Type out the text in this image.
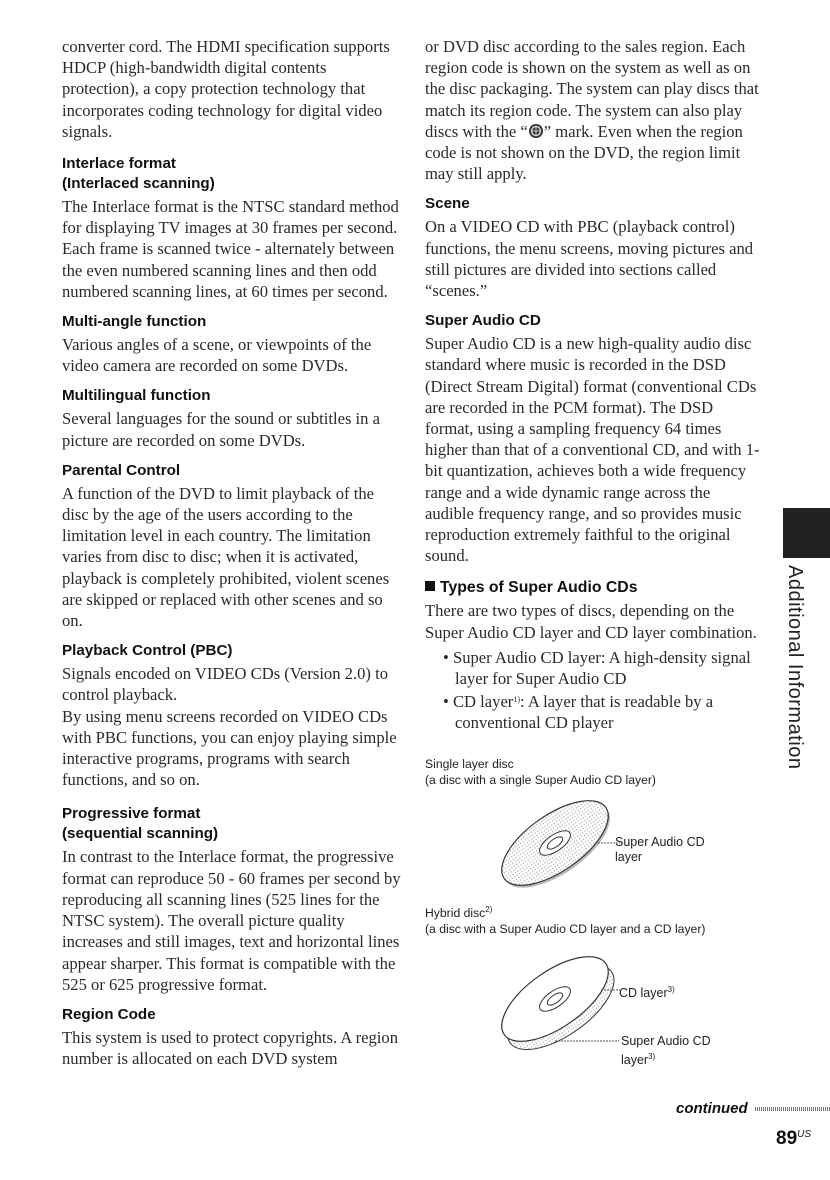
converter cord. The HDMI specification supports HDCP (high-bandwidth digital contents protection), a copy protection technology that incorporates coding technology for digital video signals.

Interlace format
(Interlaced scanning)

The Interlace format is the NTSC standard method for displaying TV images at 30 frames per second. Each frame is scanned twice - alternately between the even numbered scanning lines and then odd numbered scanning lines, at 60 times per second.

Multi-angle function

Various angles of a scene, or viewpoints of the video camera are recorded on some DVDs.

Multilingual function

Several languages for the sound or subtitles in a picture are recorded on some DVDs.

Parental Control

A function of the DVD to limit playback of the disc by the age of the users according to the limitation level in each country. The limitation varies from disc to disc; when it is activated, playback is completely prohibited, violent scenes are skipped or replaced with other scenes and so on.

Playback Control (PBC)

Signals encoded on VIDEO CDs (Version 2.0) to control playback.

By using menu screens recorded on VIDEO CDs with PBC functions, you can enjoy playing simple interactive programs, programs with search functions, and so on.

Progressive format
(sequential scanning)

In contrast to the Interlace format, the progressive format can reproduce 50 - 60 frames per second by reproducing all scanning lines (525 lines for the NTSC system). The overall picture quality increases and still images, text and horizontal lines appear sharper. This format is compatible with the 525 or 625 progressive format.

Region Code

This system is used to protect copyrights. A region number is allocated on each DVD system

or DVD disc according to the sales region. Each region code is shown on the system as well as on the disc packaging. The system can play discs that match its region code. The system can also play discs with the “ ” mark. Even when the region code is not shown on the DVD, the region limit may still apply.

Scene

On a VIDEO CD with PBC (playback control) functions, the menu screens, moving pictures and still pictures are divided into sections called “scenes.”

Super Audio CD

Super Audio CD is a new high-quality audio disc standard where music is recorded in the DSD (Direct Stream Digital) format (conventional CDs are recorded in the PCM format). The DSD format, using a sampling frequency 64 times higher than that of a conventional CD, and with 1-bit quantization, achieves both a wide frequency range and a wide dynamic range across the audible frequency range, and so provides music reproduction extremely faithful to the original sound.

Types of Super Audio CDs

There are two types of discs, depending on the Super Audio CD layer and CD layer combination.

• Super Audio CD layer: A high-density signal layer for Super Audio CD
• CD layer$^{1)}$: A layer that is readable by a conventional CD player

Single layer disc

(a disc with a single Super Audio CD layer)

Super Audio CD
layer

Hybrid disc$^{2)}$

(a disc with a Super Audio CD layer and a CD layer)

CD layer$^{3)}$
Super Audio CD
layer$^{3)}$
Additional Information
continued
$89^{US}$
